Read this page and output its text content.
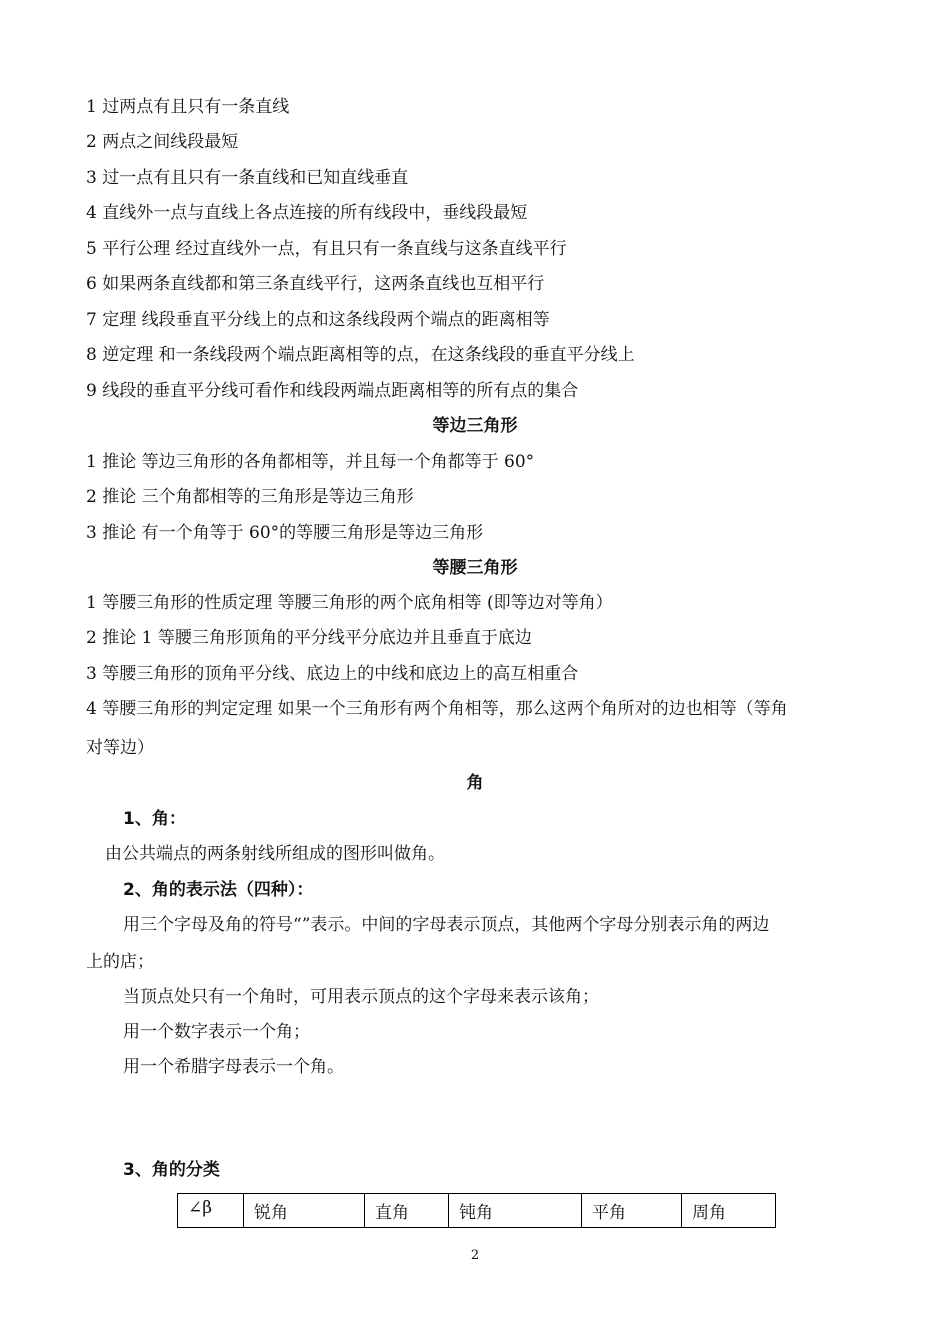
1 过两点有且只有一条直线
2 两点之间线段最短
3 过一点有且只有一条直线和已知直线垂直
4 直线外一点与直线上各点连接的所有线段中，垂线段最短
5 平行公理 经过直线外一点，有且只有一条直线与这条直线平行
6 如果两条直线都和第三条直线平行，这两条直线也互相平行
7 定理 线段垂直平分线上的点和这条线段两个端点的距离相等
8 逆定理 和一条线段两个端点距离相等的点，在这条线段的垂直平分线上
9 线段的垂直平分线可看作和线段两端点距离相等的所有点的集合
等边三角形
1 推论 等边三角形的各角都相等，并且每一个角都等于 60°
2 推论 三个角都相等的三角形是等边三角形
3 推论 有一个角等于 60°的等腰三角形是等边三角形
等腰三角形
1 等腰三角形的性质定理 等腰三角形的两个底角相等 (即等边对等角）
2 推论 1 等腰三角形顶角的平分线平分底边并且垂直于底边
3 等腰三角形的顶角平分线、底边上的中线和底边上的高互相重合
4 等腰三角形的判定定理 如果一个三角形有两个角相等，那么这两个角所对的边也相等（等角
对等边）
角
1、角：
由公共端点的两条射线所组成的图形叫做角。
2、角的表示法（四种）：
用三个字母及角的符号“”表示。中间的字母表示顶点，其他两个字母分别表示角的两边
上的店；
当顶点处只有一个角时，可用表示顶点的这个字母来表示该角；
用一个数字表示一个角；
用一个希腊字母表示一个角。
3、角的分类
∠β	锐角	直角	钝角	平角	周角
2
